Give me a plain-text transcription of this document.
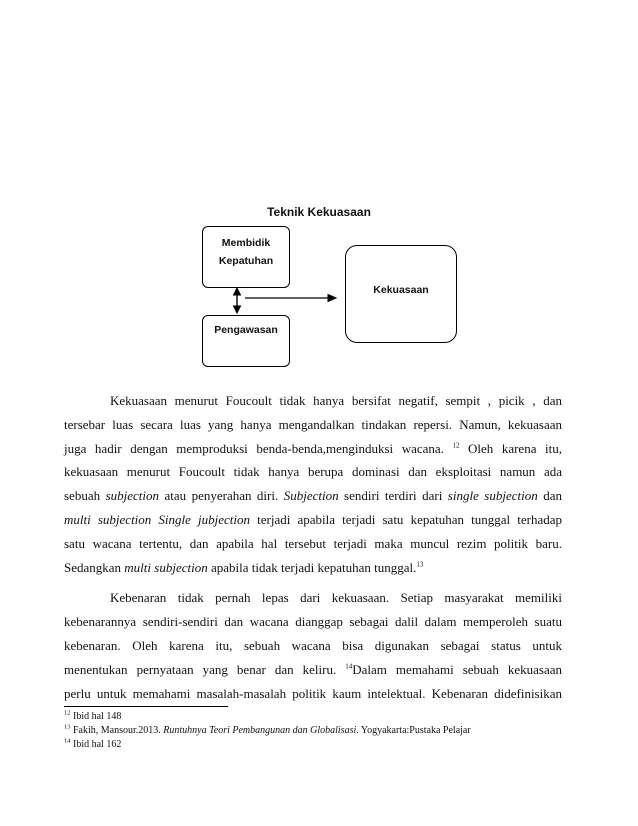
Teknik Kekuasaan
Membidik
Kepatuhan
Pengawasan
Kekuasaan

Kekuasaan menurut Foucoult tidak hanya bersifat negatif, sempit , picik , dan
tersebar luas secara luas yang hanya mengandalkan tindakan repersi. Namun, kekuasaan
juga hadir dengan memproduksi benda-benda,menginduksi wacana. $^{12}$ Oleh karena itu,
kekuasaan menurut Foucoult tidak hanya berupa dominasi dan eksploitasi namun ada
sebuah subjection atau penyerahan diri. Subjection sendiri terdiri dari single subjection dan
multi subjection Single jubjection terjadi apabila terjadi satu kepatuhan tunggal terhadap
satu wacana tertentu, dan apabila hal tersebut terjadi maka muncul rezim politik baru.
Sedangkan multi subjection apabila tidak terjadi kepatuhan tunggal.$^{13}$

Kebenaran tidak pernah lepas dari kekuasaan. Setiap masyarakat memiliki
kebenarannya sendiri-sendiri dan wacana dianggap sebagai dalil dalam memperoleh suatu
kebenaran. Oleh karena itu, sebuah wacana bisa digunakan sebagai status untuk
menentukan pernyataan yang benar dan keliru. $^{14}$Dalam memahami sebuah kekuasaan
perlu untuk memahami masalah-masalah politik kaum intelektual. Kebenaran didefinisikan

$^{12}$ Ibid hal 148
$^{13}$ Fakih, Mansour.2013. Runtuhnya Teori Pembangunan dan Globalisasi. Yogyakarta:Pustaka Pelajar
$^{14}$ Ibid hal 162
